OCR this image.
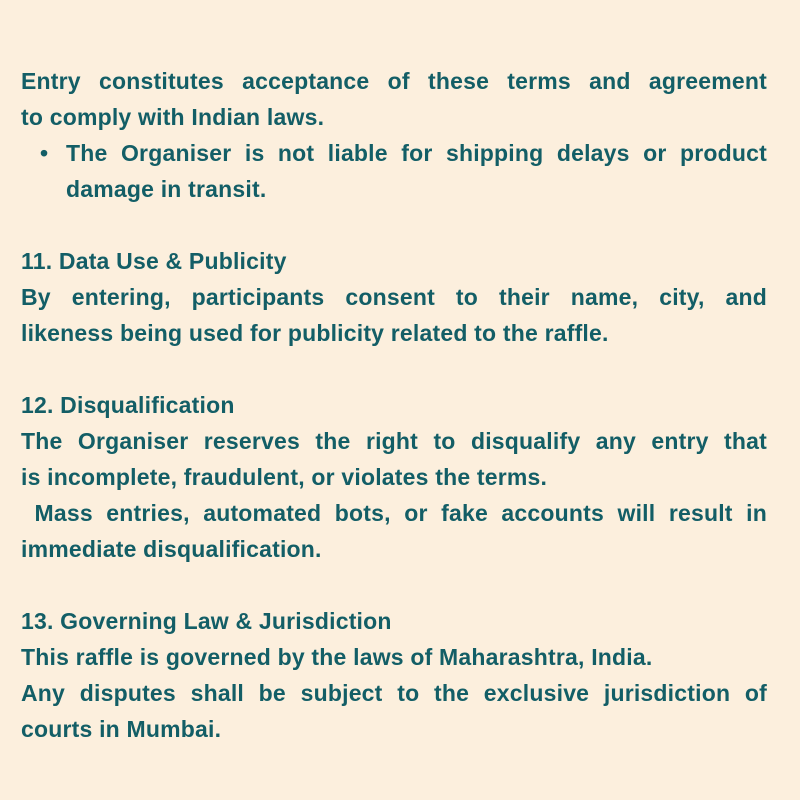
Entry constitutes acceptance of these terms and agreement
to comply with Indian laws.

• The Organiser is not liable for shipping delays or product
damage in transit.
11. Data Use & Publicity

By entering, participants consent to their name, city, and
likeness being used for publicity related to the raffle.

12. Disqualification

The Organiser reserves the right to disqualify any entry that
is incomplete, fraudulent, or violates the terms.
Mass entries, automated bots, or fake accounts will result in
immediate disqualification.

13. Governing Law & Jurisdiction

This raffle is governed by the laws of Maharashtra, India.
Any disputes shall be subject to the exclusive jurisdiction of
courts in Mumbai.
